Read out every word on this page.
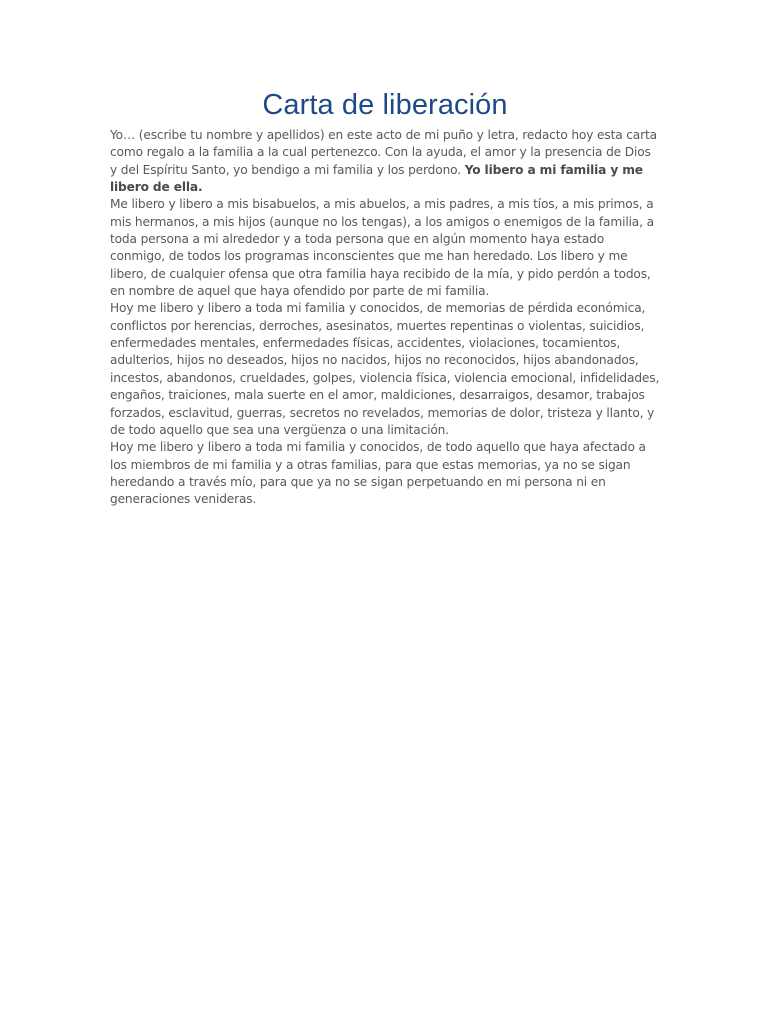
Carta de liberación

Yo… (escribe tu nombre y apellidos) en este acto de mi puño y letra, redacto hoy esta carta como regalo a la familia a la cual pertenezco. Con la ayuda, el amor y la presencia de Dios y del Espíritu Santo, yo bendigo a mi familia y los perdono. Yo libero a mi familia y me libero de ella.

Me libero y libero a mis bisabuelos, a mis abuelos, a mis padres, a mis tíos, a mis primos, a mis hermanos, a mis hijos (aunque no los tengas), a los amigos o enemigos de la familia, a toda persona a mi alrededor y a toda persona que en algún momento haya estado conmigo, de todos los programas inconscientes que me han heredado. Los libero y me libero, de cualquier ofensa que otra familia haya recibido de la mía, y pido perdón a todos, en nombre de aquel que haya ofendido por parte de mi familia.

Hoy me libero y libero a toda mi familia y conocidos, de memorias de pérdida económica, conflictos por herencias, derroches, asesinatos, muertes repentinas o violentas, suicidios, enfermedades mentales, enfermedades físicas, accidentes, violaciones, tocamientos, adulterios, hijos no deseados, hijos no nacidos, hijos no reconocidos, hijos abandonados, incestos, abandonos, crueldades, golpes, violencia física, violencia emocional, infidelidades, engaños, traiciones, mala suerte en el amor, maldiciones, desarraigos, desamor, trabajos forzados, esclavitud, guerras, secretos no revelados, memorias de dolor, tristeza y llanto, y de todo aquello que sea una vergüenza o una limitación.

Hoy me libero y libero a toda mi familia y conocidos, de todo aquello que haya afectado a los miembros de mi familia y a otras familias, para que estas memorias, ya no se sigan heredando a través mío, para que ya no se sigan perpetuando en mi persona ni en generaciones venideras.
